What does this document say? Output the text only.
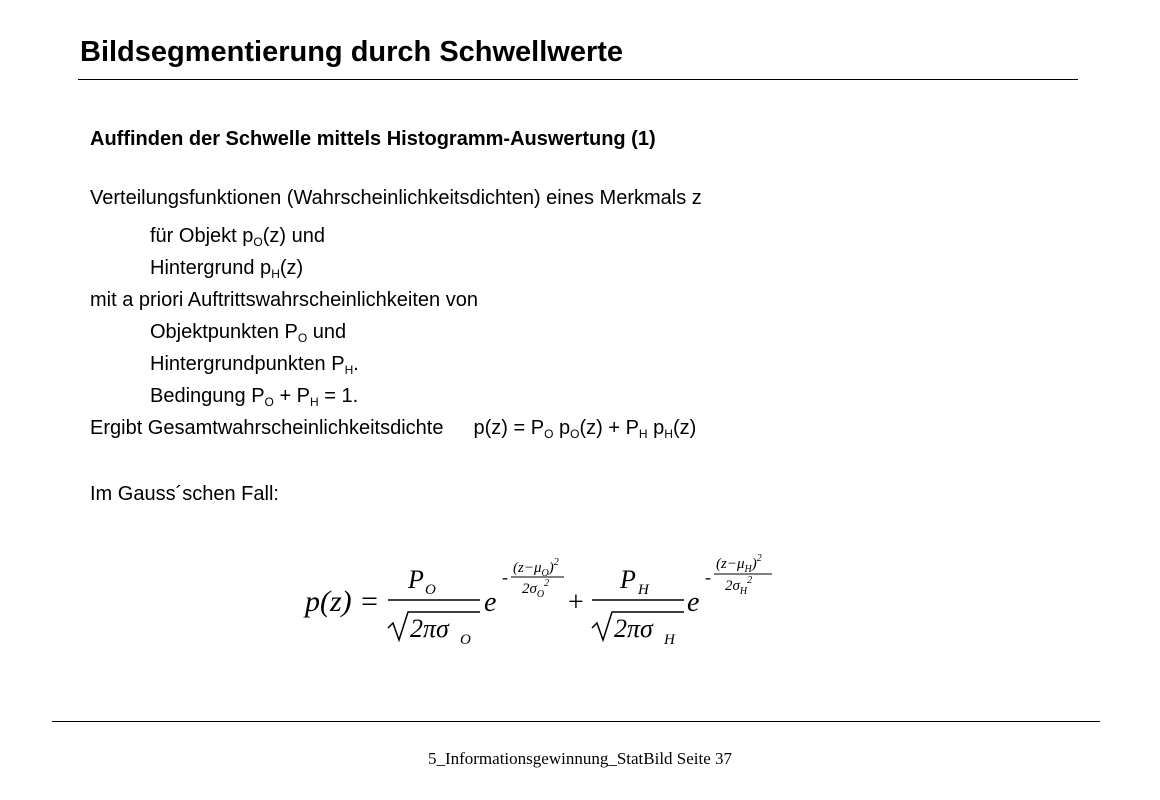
Bildsegmentierung durch Schwellwerte
Auffinden der Schwelle mittels Histogramm-Auswertung (1)
Verteilungsfunktionen (Wahrscheinlichkeitsdichten) eines Merkmals z
für Objekt $p_O(z)$ und
Hintergrund $p_H(z)$
mit a priori Auftrittswahrscheinlichkeiten von
Objektpunkten $P_O$ und
Hintergrundpunkten $P_H$.
Bedingung $P_O + P_H = 1$.
Ergibt Gesamtwahrscheinlichkeitsdichte $p(z) = P_O$ $p_O(z) + P_H$ $p_H(z)$
Im Gauss´schen Fall:
p(z) =
P O
2πσ O
e
- $(z-\mu_O)^2$
$2\sigma_O^2$
+
P H
2πσ H
e
-
$(z-\mu_H)^2$
$2\sigma_H^2$
5_Informationsgewinnung_StatBild Seite 37
